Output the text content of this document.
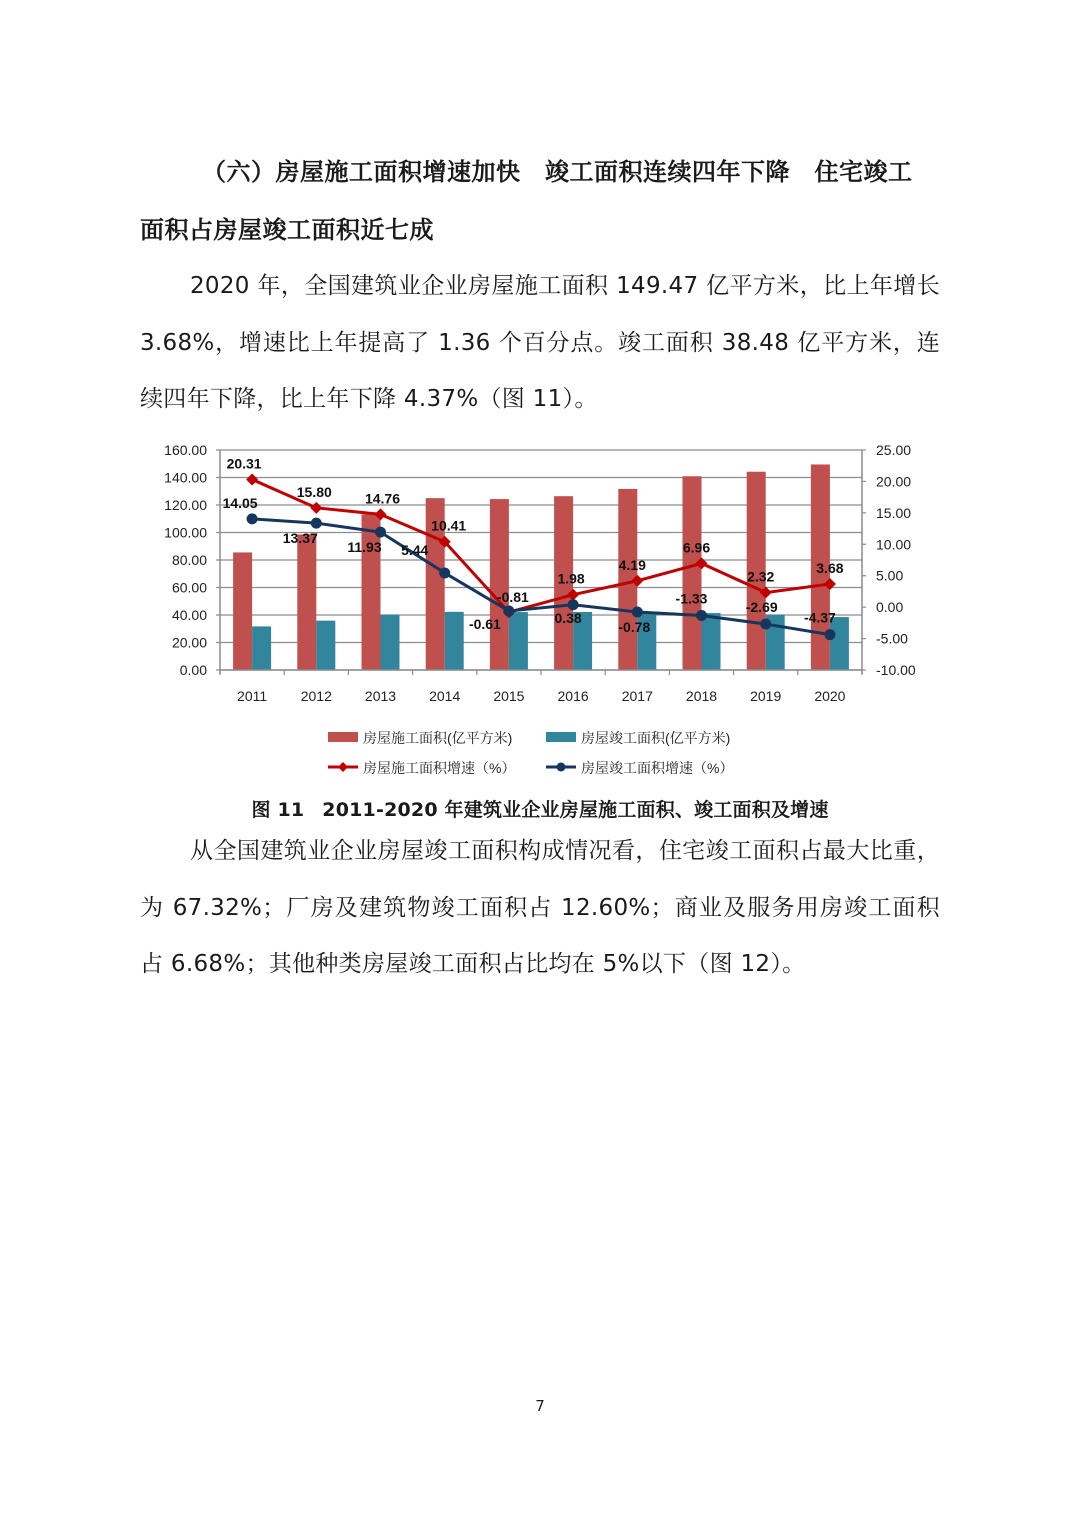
（六）房屋施工面积增速加快　竣工面积连续四年下降　住宅竣工
面积占房屋竣工面积近七成

2020 年，全国建筑业企业房屋施工面积 149.47 亿平方米，比上年增长 3.68%，增速比上年提高了 1.36 个百分点。竣工面积 38.48 亿平方米，连续四年下降，比上年下降 4.37%（图 11）。

0.00
20.00
40.00
60.00
80.00
100.00
120.00
140.00
160.00
-10.00
-5.00
0.00
5.00
10.00
15.00
20.00
25.00
20.31
15.80 14.76
10.41
-0.81
1.98
4.19
6.96
2.32
3.68
14.05
13.37
11.93 5.44
-0.61	0.38
-0.78
-1.33
-2.69
-4.37
2011 2012 2013 2014 2015 2016 2017 2018 2019 2020
房屋施工面积(亿平方米)	房屋竣工面积(亿平方米)
房屋施工面积增速（%）	房屋竣工面积增速（%）
图 11 2011-2020 年建筑业企业房屋施工面积、竣工面积及增速

从全国建筑业企业房屋竣工面积构成情况看，住宅竣工面积占最大比重，为 67.32%；厂房及建筑物竣工面积占 12.60%；商业及服务用房竣工面积占 6.68%；其他种类房屋竣工面积占比均在 5%以下（图 12）。

7
